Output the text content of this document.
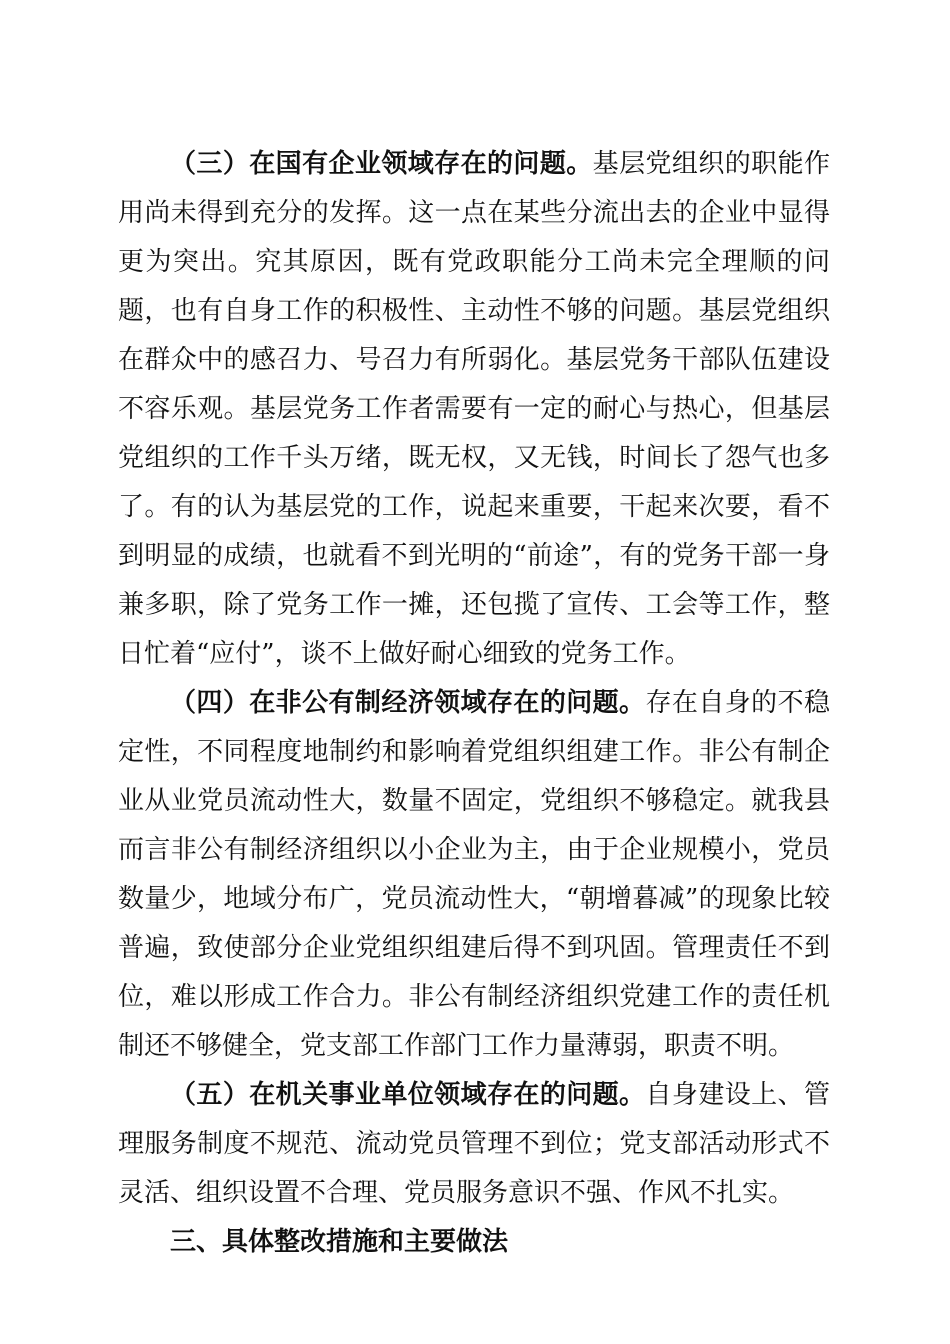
（三）在国有企业领域存在的问题。基层党组织的职能作用尚未得到充分的发挥。这一点在某些分流出去的企业中显得更为突出。究其原因，既有党政职能分工尚未完全理顺的问题，也有自身工作的积极性、主动性不够的问题。基层党组织在群众中的感召力、号召力有所弱化。基层党务干部队伍建设不容乐观。基层党务工作者需要有一定的耐心与热心，但基层党组织的工作千头万绪，既无权，又无钱，时间长了怨气也多了。有的认为基层党的工作，说起来重要，干起来次要，看不到明显的成绩，也就看不到光明的“前途”，有的党务干部一身兼多职，除了党务工作一摊，还包揽了宣传、工会等工作，整日忙着“应付”，谈不上做好耐心细致的党务工作。

（四）在非公有制经济领域存在的问题。存在自身的不稳定性，不同程度地制约和影响着党组织组建工作。非公有制企业从业党员流动性大，数量不固定，党组织不够稳定。就我县而言非公有制经济组织以小企业为主，由于企业规模小，党员数量少，地域分布广，党员流动性大，“朝增暮减”的现象比较普遍，致使部分企业党组织组建后得不到巩固。管理责任不到位，难以形成工作合力。非公有制经济组织党建工作的责任机制还不够健全，党支部工作部门工作力量薄弱，职责不明。

（五）在机关事业单位领域存在的问题。自身建设上、管理服务制度不规范、流动党员管理不到位；党支部活动形式不灵活、组织设置不合理、党员服务意识不强、作风不扎实。

三、具体整改措施和主要做法
